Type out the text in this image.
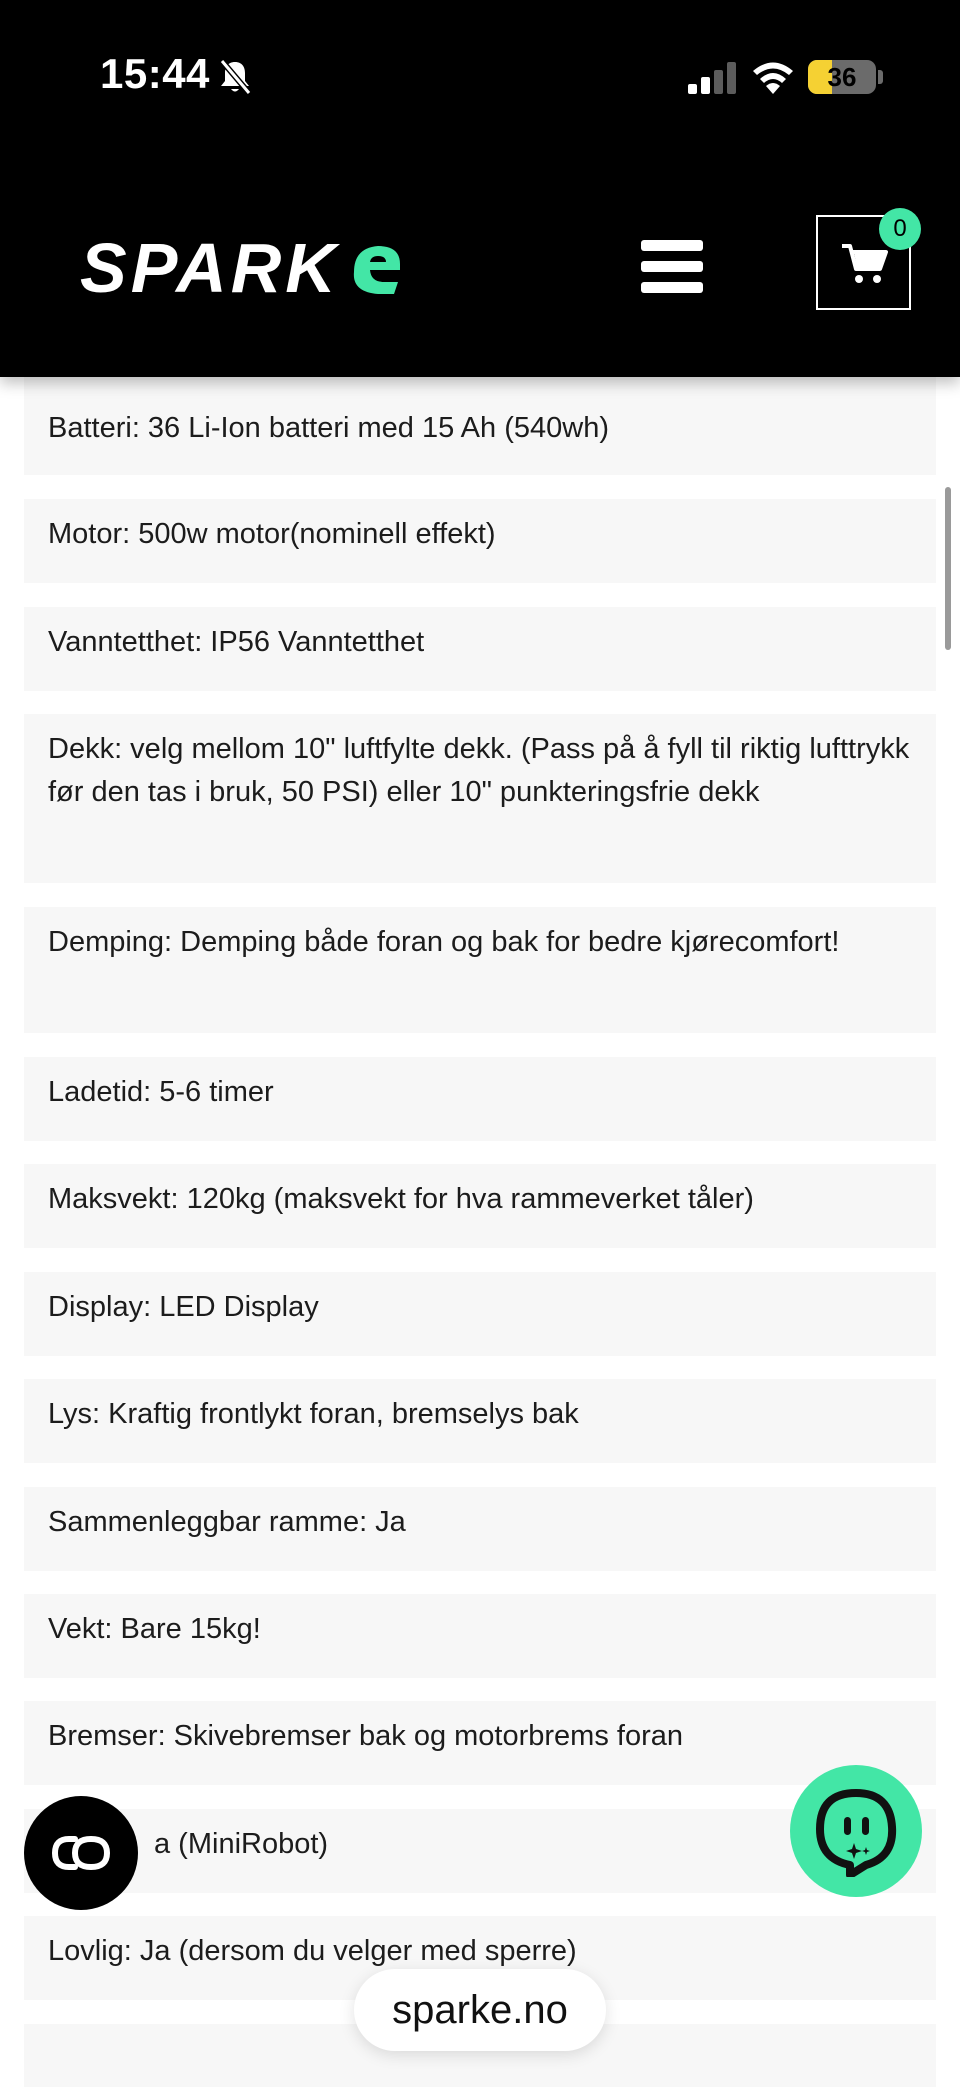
15:44	36
SPARK
0
Batteri: 36 Li-Ion batteri med 15 Ah (540wh)
Motor: 500w motor(nominell effekt)
Vanntetthet: IP56 Vanntetthet
Dekk: velg mellom 10" luftfylte dekk. (Pass på å fyll til riktig lufttrykk før den tas i bruk, 50 PSI) eller 10" punkteringsfrie dekk
Demping: Demping både foran og bak for bedre kjørecomfort!
Ladetid: 5-6 timer
Maksvekt: 120kg (maksvekt for hva rammeverket tåler)
Display: LED Display
Lys: Kraftig frontlykt foran, bremselys bak
Sammenleggbar ramme: Ja
Vekt: Bare 15kg!
Bremser: Skivebremser bak og motorbrems foran
a (MiniRobot)
Lovlig: Ja (dersom du velger med sperre)
sparke.no
